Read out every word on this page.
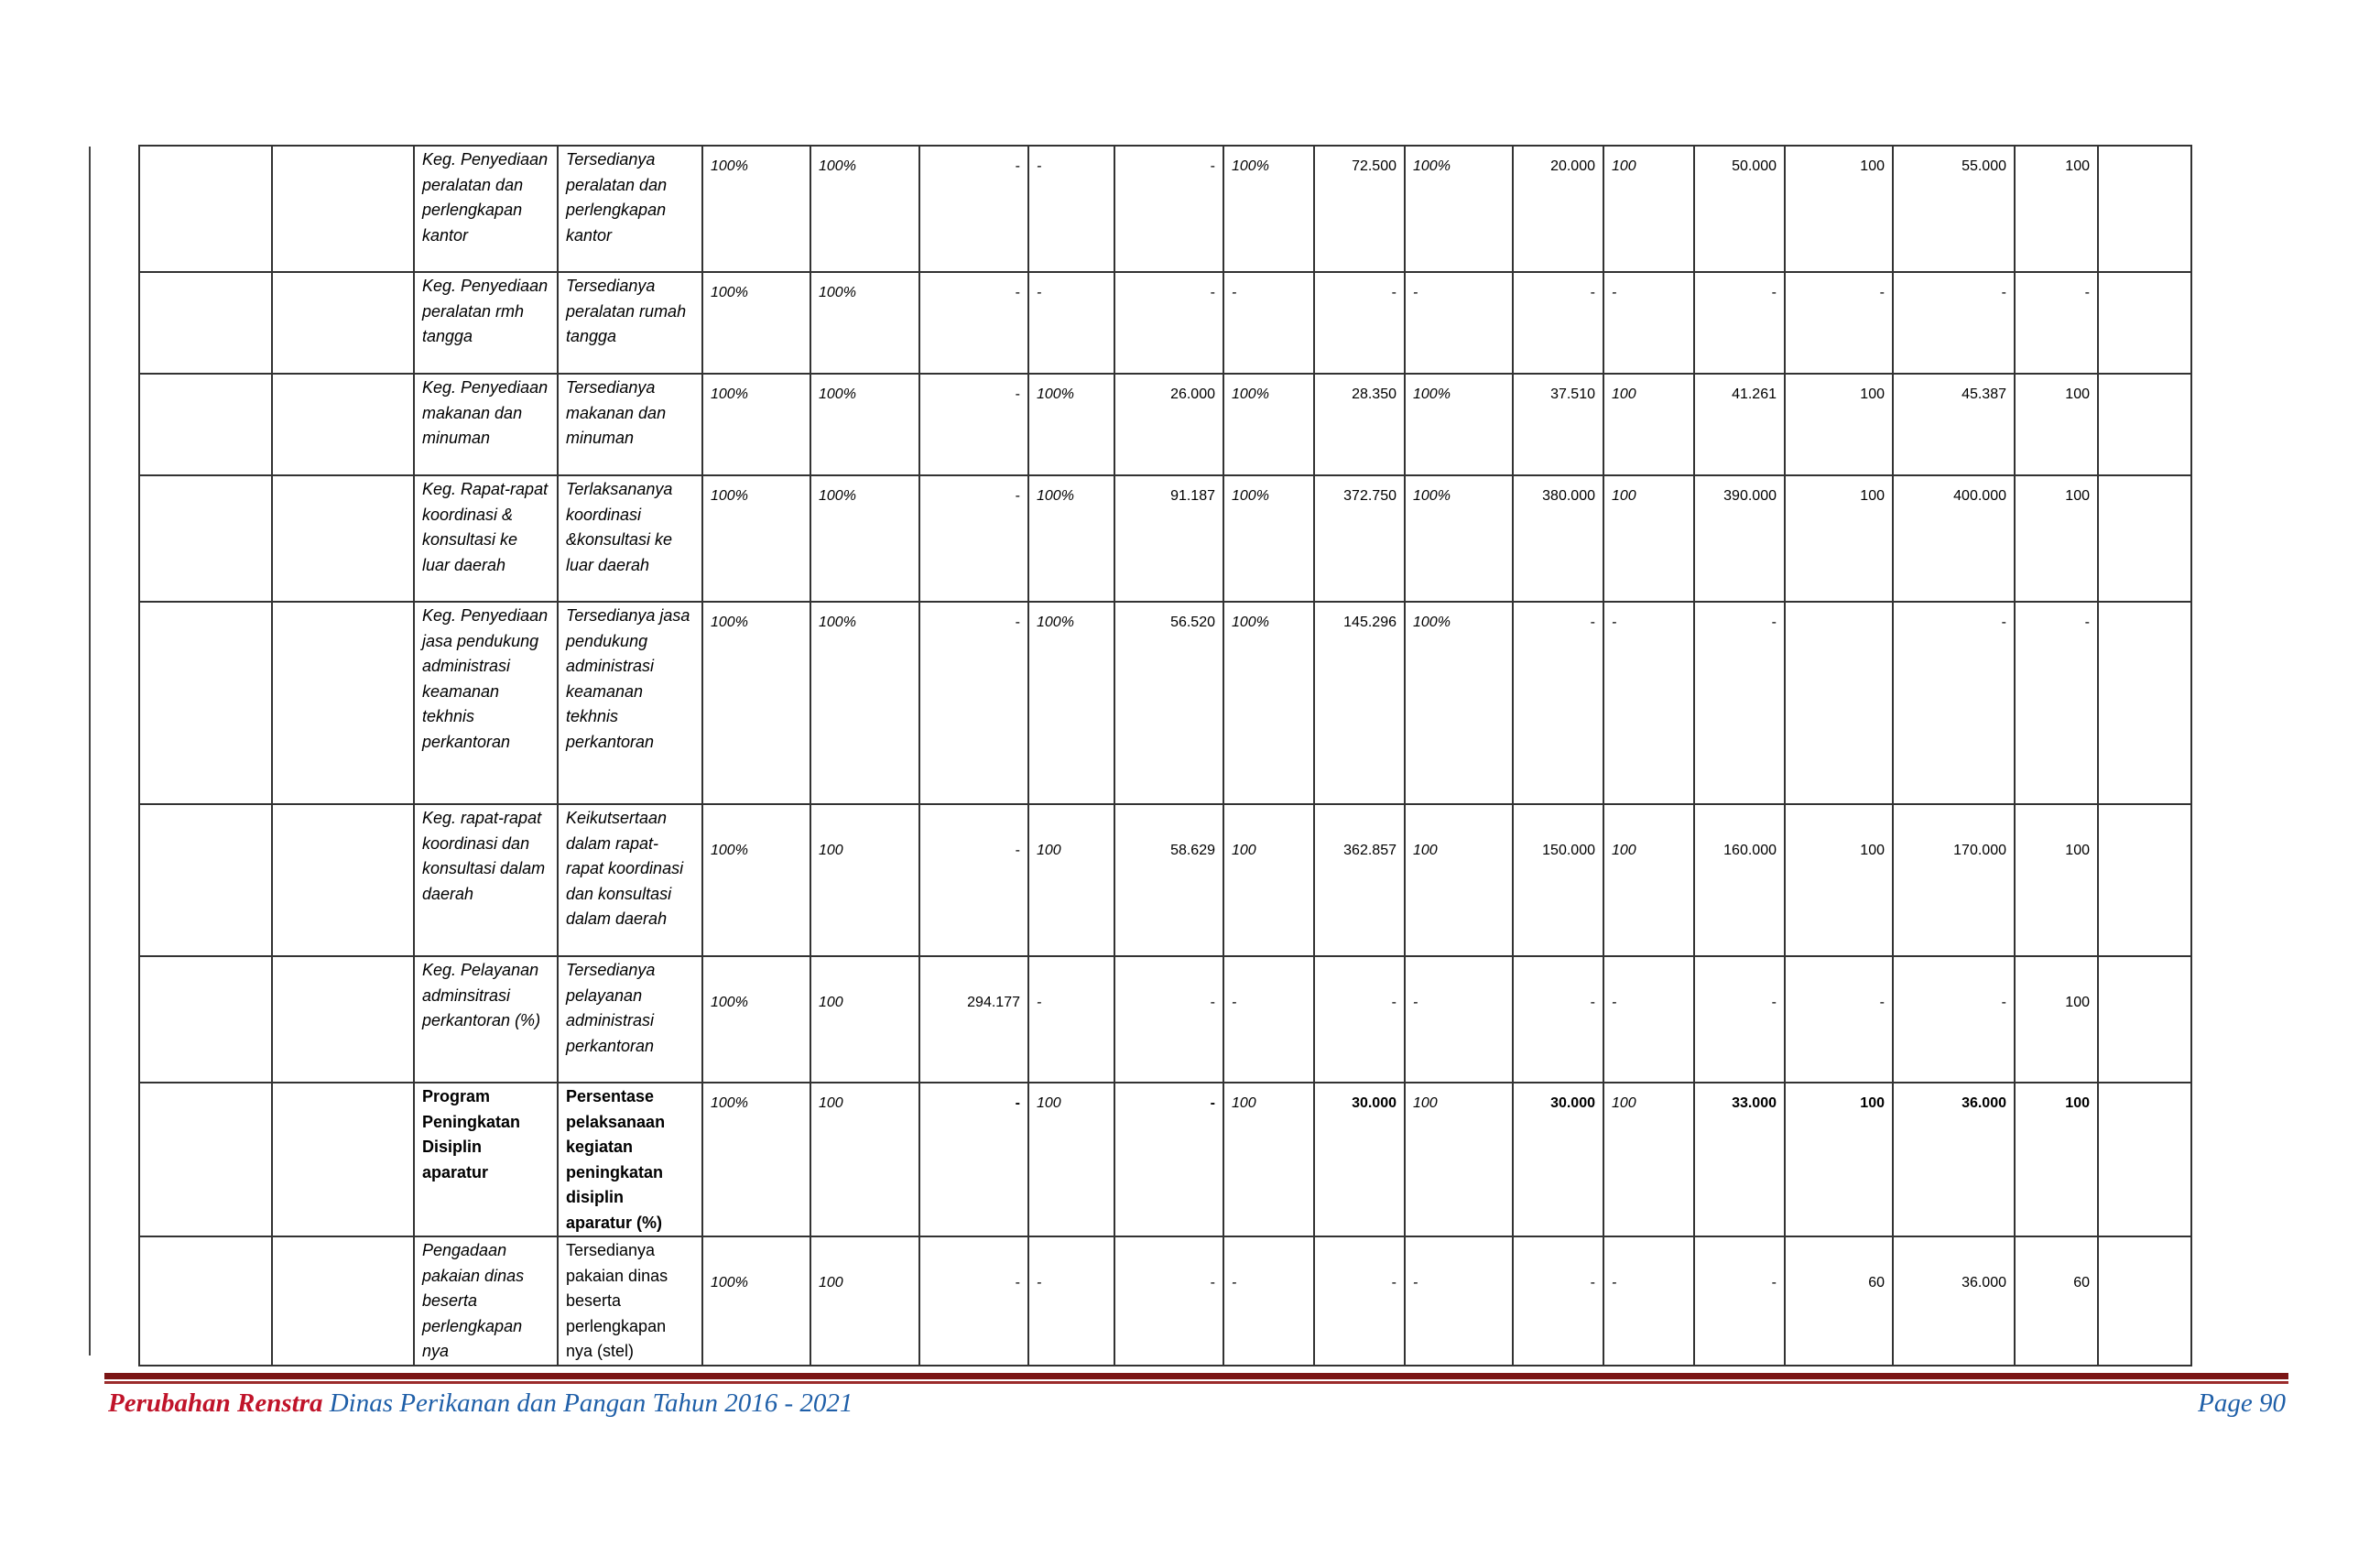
		Keg. Penyediaan peralatan dan perlengkapan kantor	Tersedianya peralatan dan perlengkapan kantor	100%	100%	-	-	-	100%	72.500	100%	20.000	100	50.000	100	55.000	100	
		Keg. Penyediaan peralatan rmh tangga	Tersedianya peralatan rumah tangga	100%	100%	-	-	-	-	-	-	-	-	-	-	-	-	
		Keg. Penyediaan makanan dan minuman	Tersedianya makanan dan minuman	100%	100%	-	100%	26.000	100%	28.350	100%	37.510	100	41.261	100	45.387	100	
		Keg. Rapat-rapat koordinasi & konsultasi ke luar daerah	Terlaksananya koordinasi &konsultasi ke luar daerah	100%	100%	-	100%	91.187	100%	372.750	100%	380.000	100	390.000	100	400.000	100	
		Keg. Penyediaan jasa pendukung administrasi keamanan tekhnis perkantoran	Tersedianya jasa pendukung administrasi keamanan tekhnis perkantoran	100%	100%	-	100%	56.520	100%	145.296	100%	-	-	-		-	-	
		Keg. rapat-rapat koordinasi dan konsultasi dalam daerah	Keikutsertaan dalam rapat-rapat koordinasi dan konsultasi dalam daerah	100%	100	-	100	58.629	100	362.857	100	150.000	100	160.000	100	170.000	100	
		Keg. Pelayanan adminsitrasi perkantoran (%)	Tersedianya pelayanan administrasi perkantoran	100%	100	294.177	-	-	-	-	-	-	-	-	-	-	100	
		Program Peningkatan Disiplin aparatur	Persentase pelaksanaan kegiatan peningkatan disiplin aparatur (%)	100%	100	-	100	-	100	30.000	100	30.000	100	33.000	100	36.000	100	
		Pengadaan pakaian dinas beserta perlengkapan nya	Tersedianya pakaian dinas beserta perlengkapan nya (stel)	100%	100	-	-	-	-	-	-	-	-	-	60	36.000	60	
Perubahan Renstra Dinas Perikanan dan Pangan Tahun 2016 - 2021	Page 90
